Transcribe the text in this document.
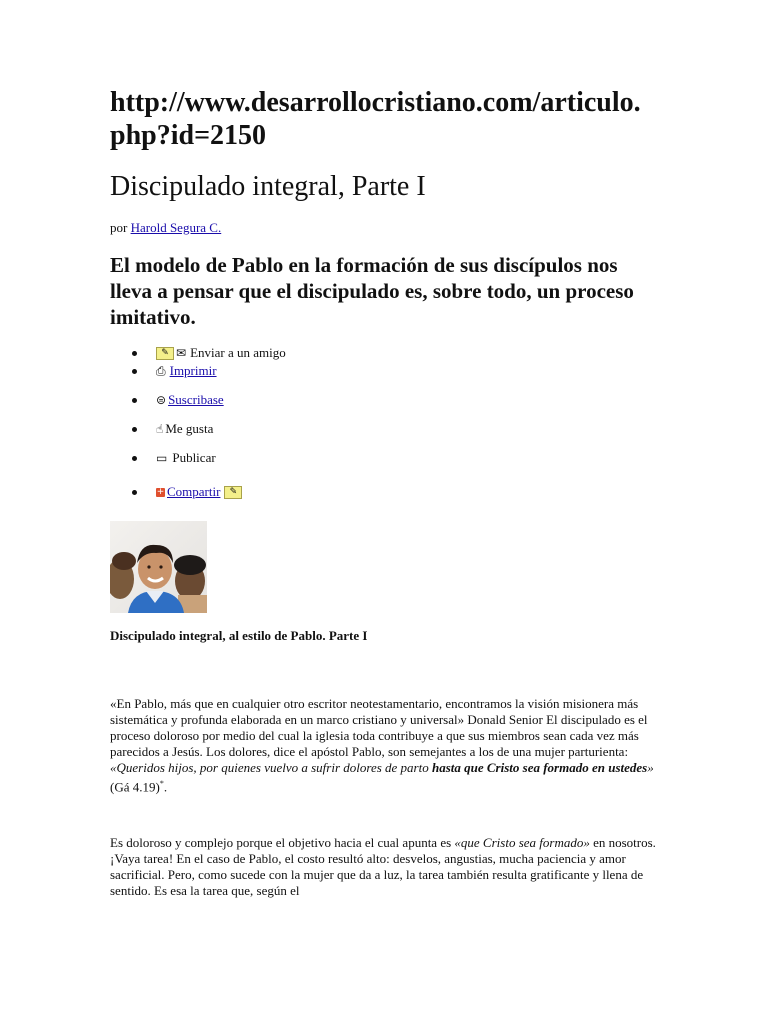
http://www.desarrollocristiano.com/articulo.php?id=2150
Discipulado integral, Parte I

por Harold Segura C.

El modelo de Pablo en la formación de sus discípulos nos lleva a pensar que el discipulado es, sobre todo, un proceso imitativo.

✎ ✉ Enviar a un amigo
⎙ Imprimir
⊜ Suscribase
☝ Me gusta
▭ Publicar
+ Compartir	✎

Discipulado integral, al estilo de Pablo. Parte I

«En Pablo, más que en cualquier otro escritor neotestamentario, encontramos la visión misionera más sistemática y profunda elaborada en un marco cristiano y universal» Donald Senior El discipulado es el proceso doloroso por medio del cual la iglesia toda contribuye a que sus miembros sean cada vez más parecidos a Jesús. Los dolores, dice el apóstol Pablo, son semejantes a los de una mujer parturienta: «Queridos hijos, por quienes vuelvo a sufrir dolores de parto hasta que Cristo sea formado en ustedes» (Gá 4.19)*.

Es doloroso y complejo porque el objetivo hacia el cual apunta es «que Cristo sea formado» en nosotros. ¡Vaya tarea! En el caso de Pablo, el costo resultó alto: desvelos, angustias, mucha paciencia y amor sacrificial. Pero, como sucede con la mujer que da a luz, la tarea también resulta gratificante y llena de sentido. Es esa la tarea que, según el
